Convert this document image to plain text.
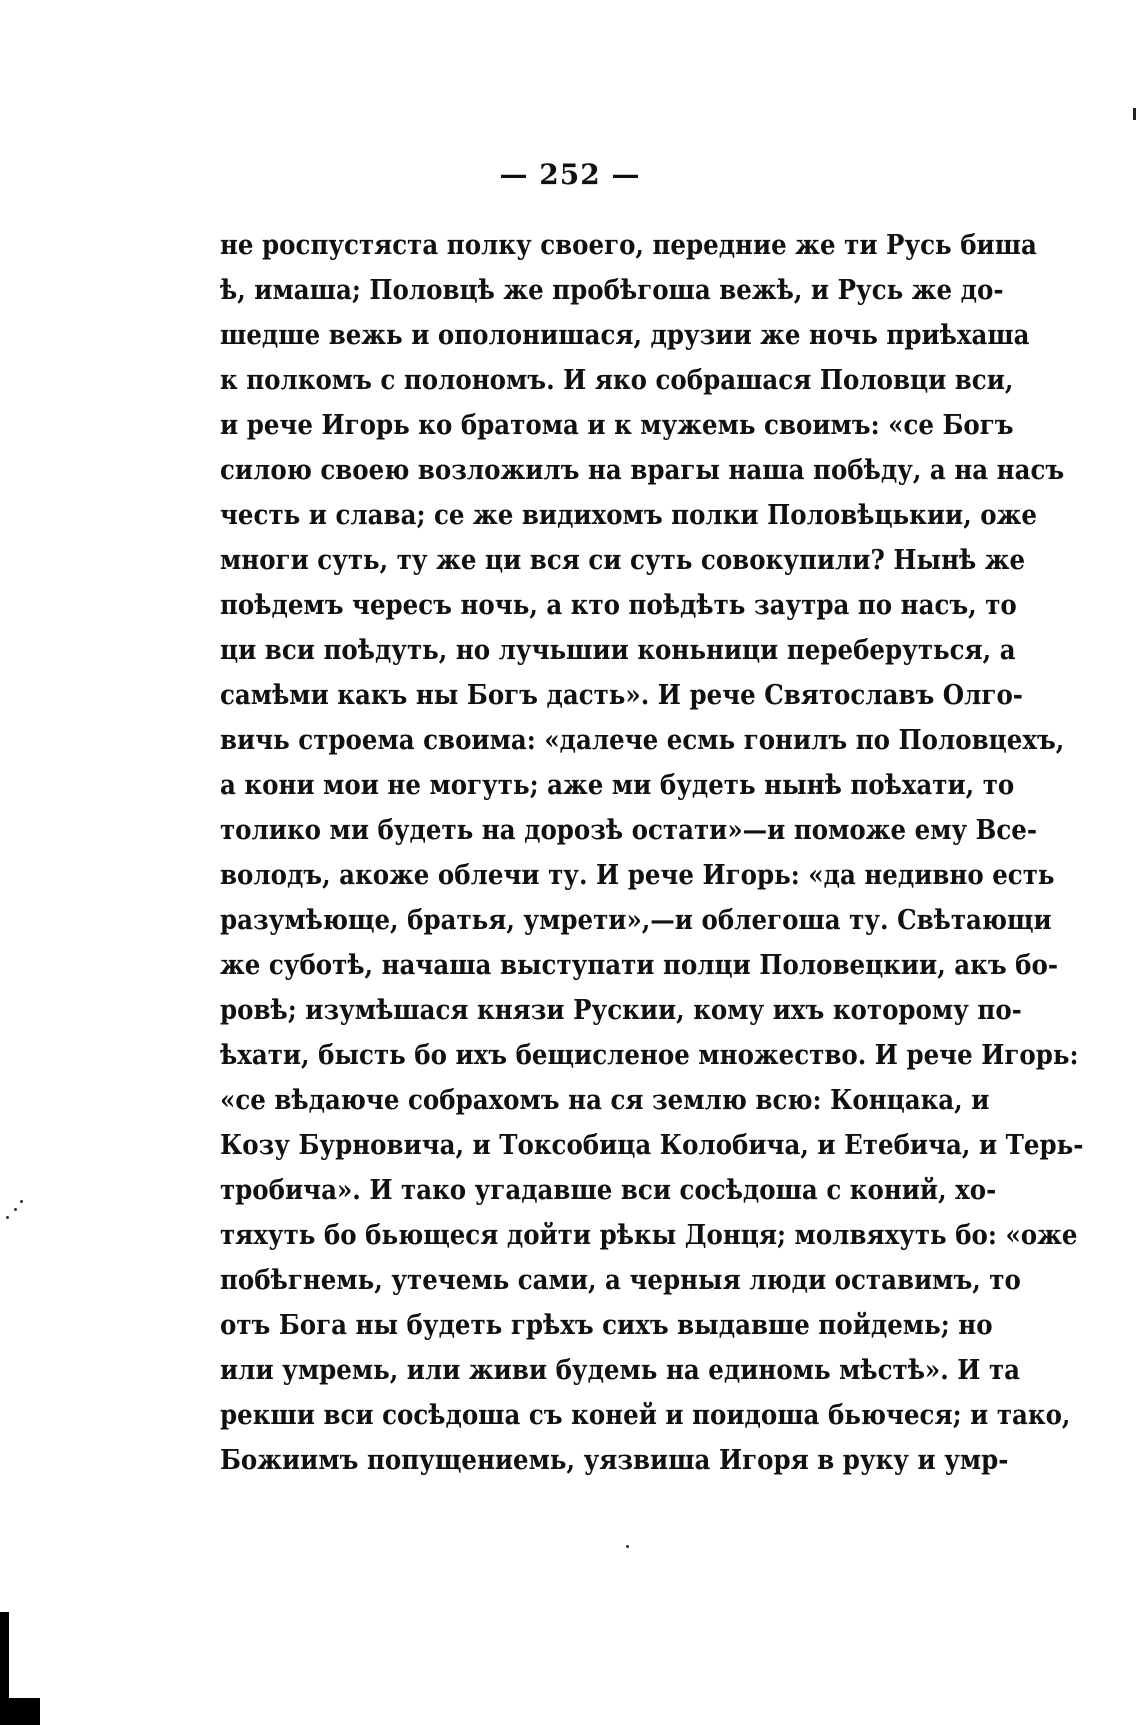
— 252 —
не роспустяста полку своего, передние же ти Русь биша
ѣ, имаша; Половцѣ же пробѣгоша вежѣ, и Русь же до-
шедше вежь и ополонишася, друзии же ночь приѣхаша
к полкомъ с полономъ. И яко собрашася Половци вси,
и рече Игорь ко братома и к мужемь своимъ: «се Богъ
силою своею возложилъ на врагы наша побѣду, а на насъ
честь и слава; се же видихомъ полки Половѣцькии, оже
многи суть, ту же ци вся си суть совокупили? Нынѣ же
поѣдемъ чересъ ночь, а кто поѣдѣть заутра по насъ, то
ци вси поѣдуть, но лучьшии коньници переберуться, а
самѣми какъ ны Богъ дасть». И рече Святославъ Олго-
вичь строема своима: «далече есмь гонилъ по Половцехъ,
а кони мои не могуть; аже ми будеть нынѣ поѣхати, то
толико ми будеть на дорозѣ остати»—и поможе ему Все-
володъ, акоже облечи ту. И рече Игорь: «да недивно есть
разумѣюще, братья, умрети»,—и облегоша ту. Свѣтающи
же суботѣ, начаша выступати полци Половецкии, акъ бо-
ровѣ; изумѣшася князи Рускии, кому ихъ которому по-
ѣхати, бысть бо ихъ бещисленое множество. И рече Игорь:
«се вѣдаюче собрахомъ на ся землю всю: Концака, и
Козу Бурновича, и Токсобица Колобича, и Етебича, и Терь-
тробича». И тако угадавше вси сосѣдоша с коний, хо-
тяхуть бо бьющеся дойти рѣкы Донця; молвяхуть бо: «оже
побѣгнемь, утечемь сами, а черныя люди оставимъ, то
отъ Бога ны будеть грѣхъ сихъ выдавше пойдемь; но
или умремь, или живи будемь на единомь мѣстѣ». И та
рекши вси сосѣдоша съ коней и поидоша бьючеся; и тако,
Божиимъ попущениемь, уязвиша Игоря в руку и умр-
